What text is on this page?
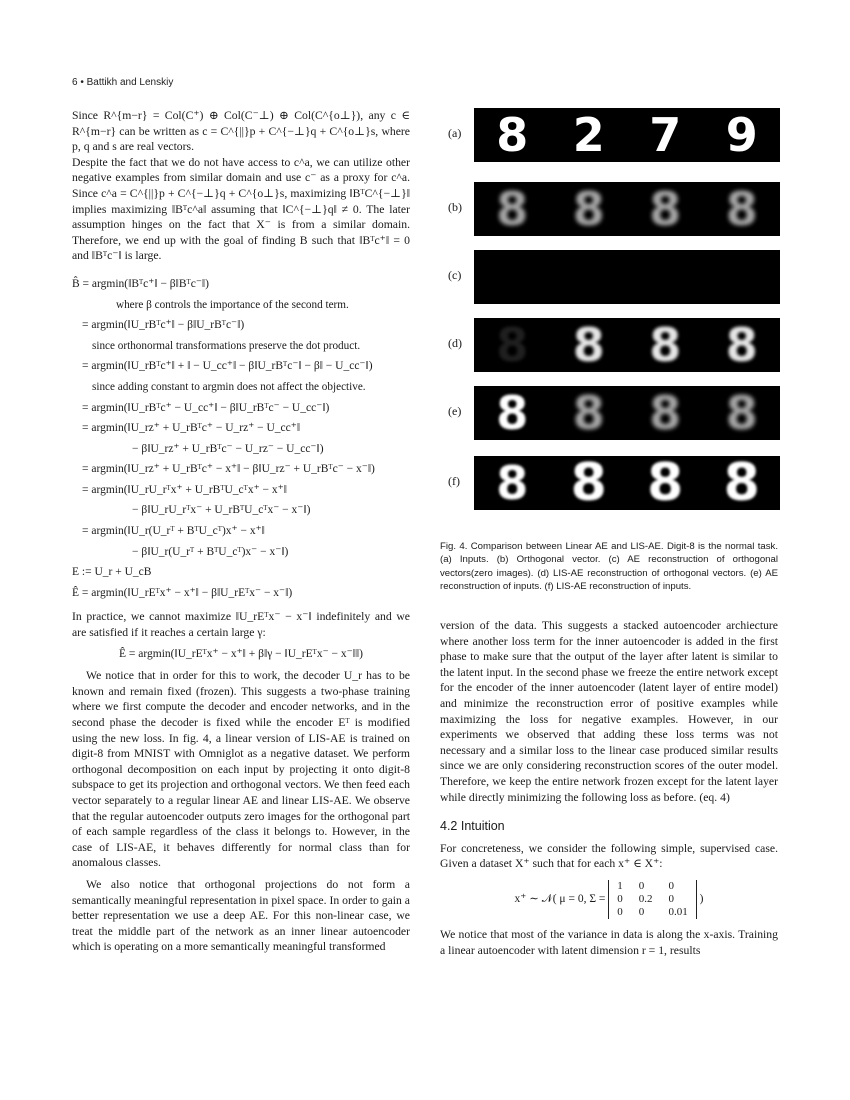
6 • Battikh and Lenskiy

Since R^{m−r} = Col(C⁺) ⊕ Col(C⁻⊥) ⊕ Col(C^{o⊥}), any c ∈ R^{m−r} can be written as c = C^{||}p + C^{−⊥}q + C^{o⊥}s, where p, q and s are real vectors.

Despite the fact that we do not have access to c^a, we can utilize other negative examples from similar domain and use c⁻ as a proxy for c^a. Since c^a = C^{||}p + C^{−⊥}q + C^{o⊥}s, maximizing ‖BᵀC^{−⊥}‖ implies maximizing ‖Bᵀc^a‖ assuming that ‖C^{−⊥}q‖ ≠ 0. The later assumption hinges on the fact that X⁻ is from a similar domain. Therefore, we end up with the goal of finding B such that ‖Bᵀc⁺‖ = 0 and ‖Bᵀc⁻‖ is large.

B̂ = argmin(‖Bᵀc⁺‖ − β‖Bᵀc⁻‖)

where β controls the importance of the second term.

= argmin(‖U_rBᵀc⁺‖ − β‖U_rBᵀc⁻‖)

since orthonormal transformations preserve the dot product.

= argmin(‖U_rBᵀc⁺‖ + ‖ − U_cc⁺‖ − β‖U_rBᵀc⁻‖ − β‖ − U_cc⁻‖)

since adding constant to argmin does not affect the objective.

= argmin(‖U_rBᵀc⁺ − U_cc⁺‖ − β‖U_rBᵀc⁻ − U_cc⁻‖)

= argmin(‖U_rz⁺ + U_rBᵀc⁺ − U_rz⁺ − U_cc⁺‖

− β‖U_rz⁺ + U_rBᵀc⁻ − U_rz⁻ − U_cc⁻‖)

= argmin(‖U_rz⁺ + U_rBᵀc⁺ − x⁺‖ − β‖U_rz⁻ + U_rBᵀc⁻ − x⁻‖)

= argmin(‖U_rU_rᵀx⁺ + U_rBᵀU_cᵀx⁺ − x⁺‖

− β‖U_rU_rᵀx⁻ + U_rBᵀU_cᵀx⁻ − x⁻‖)

= argmin(‖U_r(U_rᵀ + BᵀU_cᵀ)x⁺ − x⁺‖

− β‖U_r(U_rᵀ + BᵀU_cᵀ)x⁻ − x⁻‖)

E := U_r + U_cB

Ê = argmin(‖U_rEᵀx⁺ − x⁺‖ − β‖U_rEᵀx⁻ − x⁻‖)

In practice, we cannot maximize ‖U_rEᵀx⁻ − x⁻‖ indefinitely and we are satisfied if it reaches a certain large γ:

Ê = argmin(‖U_rEᵀx⁺ − x⁺‖ + β‖γ − ‖U_rEᵀx⁻ − x⁻‖‖)

We notice that in order for this to work, the decoder U_r has to be known and remain fixed (frozen). This suggests a two-phase training where we first compute the decoder and encoder networks, and in the second phase the decoder is fixed while the encoder Eᵀ is modified using the new loss. In fig. 4, a linear version of LIS-AE is trained on digit-8 from MNIST with Omniglot as a negative dataset. We perform orthogonal decomposition on each input by projecting it onto digit-8 subspace to get its projection and orthogonal vectors. We then feed each vector separately to a regular linear AE and linear LIS-AE. We observe that the regular autoencoder outputs zero images for the orthogonal part of each sample regardless of the class it belongs to. However, in the case of LIS-AE, it behaves differently for normal class than for anomalous classes.

We also notice that orthogonal projections do not form a semantically meaningful representation in pixel space. In order to gain a better representation we use a deep AE. For this non-linear case, we treat the middle part of the network as an inner linear autoencoder which is operating on a more semantically meaningful transformed

(a) 8 2 7 9
(b) 8 8 8 8
(c)
(d) 8 8 8 8
(e) 8 8 8 8
(f) 8 8 8 8
Fig. 4. Comparison between Linear AE and LIS-AE. Digit-8 is the normal task. (a) Inputs. (b) Orthogonal vector. (c) AE reconstruction of orthogonal vectors(zero images). (d) LIS-AE reconstruction of orthogonal vectors. (e) AE reconstruction of inputs. (f) LIS-AE reconstruction of inputs.

version of the data. This suggests a stacked autoencoder archiecture where another loss term for the inner autoencoder is added in the first phase to make sure that the output of the layer after latent is similar to the latent input. In the second phase we freeze the entire network except for the encoder of the inner autoencoder (latent layer of entire model) and minimize the reconstruction error of positive examples while maximizing the loss for negative examples. However, in our experiments we observed that adding these loss terms was not necessary and a similar loss to the linear case produced similar results since we are only considering reconstruction scores of the outer model. Therefore, we keep the entire network frozen except for the latent layer while directly minimizing the following loss as before. (eq. 4)

4.2 Intuition

For concreteness, we consider the following simple, supervised case. Given a dataset X⁺ such that for each x⁺ ∈ X⁺:

x⁺ ∼ 𝒩( μ = 0, Σ =
1	0	0
0	0.2	0
0	0	0.01
)

We notice that most of the variance in data is along the x-axis. Training a linear autoencoder with latent dimension r = 1, results
